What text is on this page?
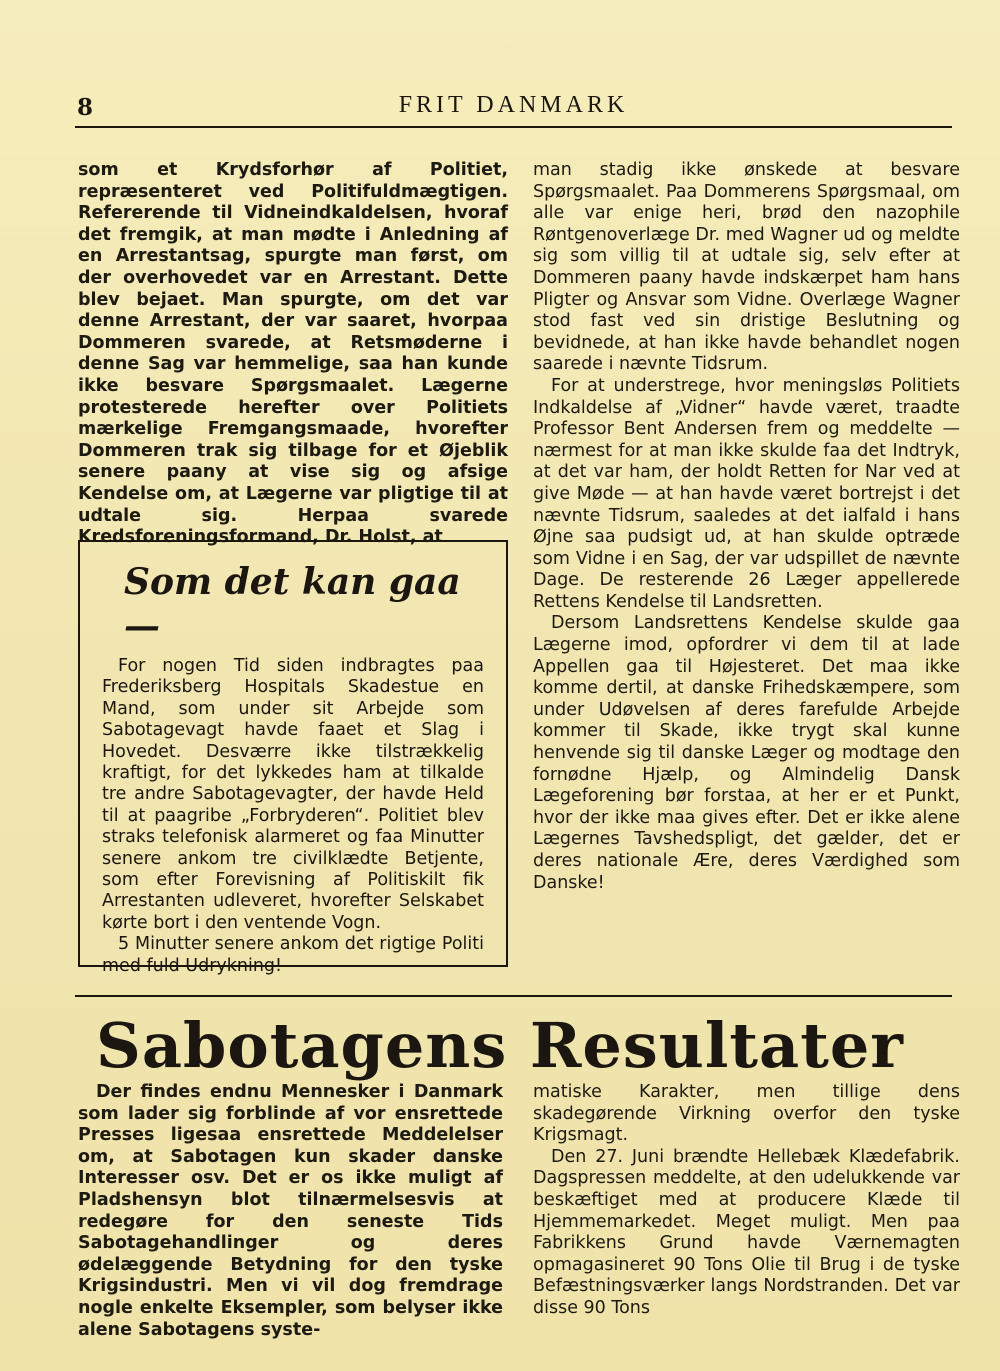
8	FRIT DANMARK

som et Krydsforhør af Politiet, repræsenteret ved Politifuldmægtigen. Refererende til Vidneindkaldelsen, hvoraf det fremgik, at man mødte i Anledning af en Arrestantsag, spurgte man først, om der overhovedet var en Arrestant. Dette blev bejaet. Man spurgte, om det var denne Arrestant, der var saaret, hvorpaa Dommeren svarede, at Retsmøderne i denne Sag var hemmelige, saa han kunde ikke besvare Spørgsmaalet. Lægerne protesterede herefter over Politiets mærkelige Fremgangsmaade, hvorefter Dommeren trak sig tilbage for et Øjeblik senere paany at vise sig og afsige Kendelse om, at Lægerne var pligtige til at udtale sig. Herpaa svarede Kredsforeningsformand, Dr. Holst, at

man stadig ikke ønskede at besvare Spørgsmaalet. Paa Dommerens Spørgsmaal, om alle var enige heri, brød den nazophile Røntgenoverlæge Dr. med Wagner ud og meldte sig som villig til at udtale sig, selv efter at Dommeren paany havde indskærpet ham hans Pligter og Ansvar som Vidne. Overlæge Wagner stod fast ved sin dristige Beslutning og bevidnede, at han ikke havde behandlet nogen saarede i nævnte Tidsrum.

For at understrege, hvor meningsløs Politiets Indkaldelse af „Vidner“ havde været, traadte Professor Bent Andersen frem og meddelte — nærmest for at man ikke skulde faa det Indtryk, at det var ham, der holdt Retten for Nar ved at give Møde — at han havde været bortrejst i det nævnte Tidsrum, saaledes at det ialfald i hans Øjne saa pudsigt ud, at han skulde optræde som Vidne i en Sag, der var udspillet de nævnte Dage. De resterende 26 Læger appellerede Rettens Kendelse til Landsretten.

Dersom Landsrettens Kendelse skulde gaa Lægerne imod, opfordrer vi dem til at lade Appellen gaa til Højesteret. Det maa ikke komme dertil, at danske Frihedskæmpere, som under Udøvelsen af deres farefulde Arbejde kommer til Skade, ikke trygt skal kunne henvende sig til danske Læger og modtage den fornødne Hjælp, og Almindelig Dansk Lægeforening bør forstaa, at her er et Punkt, hvor der ikke maa gives efter. Det er ikke alene Lægernes Tavshedspligt, det gælder, det er deres nationale Ære, deres Værdighed som Danske!

Som det kan gaa —

For nogen Tid siden indbragtes paa Frederiksberg Hospitals Skadestue en Mand, som under sit Arbejde som Sabotagevagt havde faaet et Slag i Hovedet. Desværre ikke tilstrækkelig kraftigt, for det lykkedes ham at tilkalde tre andre Sabotagevagter, der havde Held til at paagribe „Forbryderen“. Politiet blev straks telefonisk alarmeret og faa Minutter senere ankom tre civilklædte Betjente, som efter Forevisning af Politiskilt fik Arrestanten udleveret, hvorefter Selskabet kørte bort i den ventende Vogn.

5 Minutter senere ankom det rigtige Politi med fuld Udrykning!

Sabotagens Resultater

Der findes endnu Mennesker i Danmark som lader sig forblinde af vor ensrettede Presses ligesaa ensrettede Meddelelser om, at Sabotagen kun skader danske Interesser osv. Det er os ikke muligt af Pladshensyn blot tilnærmelsesvis at redegøre for den seneste Tids Sabotagehandlinger og deres ødelæggende Betydning for den tyske Krigsindustri. Men vi vil dog fremdrage nogle enkelte Eksempler, som belyser ikke alene Sabotagens syste-

matiske Karakter, men tillige dens skadegørende Virkning overfor den tyske Krigsmagt.

Den 27. Juni brændte Hellebæk Klædefabrik. Dagspressen meddelte, at den udelukkende var beskæftiget med at producere Klæde til Hjemmemarkedet. Meget muligt. Men paa Fabrikkens Grund havde Værnemagten opmagasineret 90 Tons Olie til Brug i de tyske Befæstningsværker langs Nordstranden. Det var disse 90 Tons
